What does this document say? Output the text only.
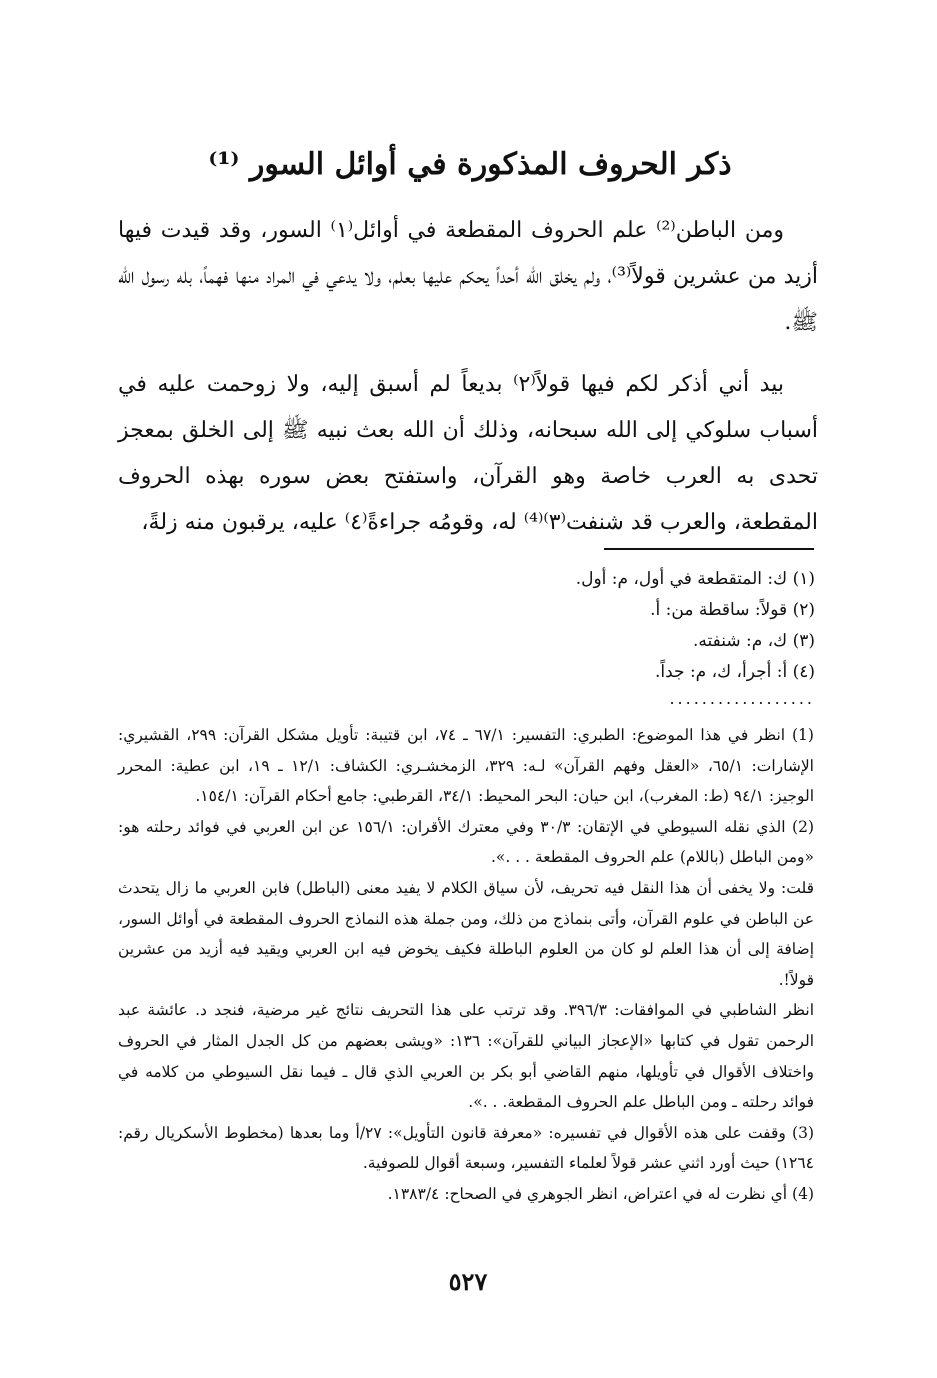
ذكر الحروف المذكورة في أوائل السور ⁽¹⁾

ومن الباطن⁽²⁾ علم الحروف المقطعة في أوائل⁽١⁾ السور، وقد قيدت فيها أزيد من عشرين قولاً⁽³⁾، ولم يخلق اللّه أحداً يحكم عليها بعلم، ولا يدعي في المراد منها فهماً، بله رسول الله ﷺ.

بيد أني أذكر لكم فيها قولاً⁽٢⁾ بديعاً لم أسبق إليه، ولا زوحمت عليه في أسباب سلوكي إلى الله سبحانه، وذلك أن الله بعث نبيه ﷺ إلى الخلق بمعجز تحدى به العرب خاصة وهو القرآن، واستفتح بعض سوره بهذه الحروف المقطعة، والعرب قد شنفت⁽٣⁾⁽⁴⁾ له، وقومُه جراءةً⁽٤⁾ عليه، يرقبون منه زلةً،

(١) ك: المتقطعة في أول، م: أول.
(٢) قولاً: ساقطة من: أ.
(٣) ك، م: شنفته.
(٤) أ: أجرأ، ك، م: جداً.
..................

(1) انظر في هذا الموضوع: الطبري: التفسير: ٦٧/١ ـ ٧٤، ابن قتيبة: تأويل مشكل القرآن: ٢٩٩، القشيري: الإشارات: ٦٥/١، «العقل وفهم القرآن» لـه: ٣٢٩، الزمخشـري: الكشاف: ١٢/١ ـ ١٩، ابن عطية: المحرر الوجيز: ٩٤/١ (ط: المغرب)، ابن حيان: البحر المحيط: ٣٤/١، القرطبي: جامع أحكام القرآن: ١٥٤/١.

(2) الذي نقله السيوطي في الإتقان: ٣٠/٣ وفي معترك الأقران: ١٥٦/١ عن ابن العربي في فوائد رحلته هو: «ومن الباطل (باللام) علم الحروف المقطعة . . .».

قلت: ولا يخفى أن هذا النقل فيه تحريف، لأن سياق الكلام لا يفيد معنى (الباطل) فابن العربي ما زال يتحدث عن الباطن في علوم القرآن، وأتى بنماذج من ذلك، ومن جملة هذه النماذج الحروف المقطعة في أوائل السور، إضافة إلى أن هذا العلم لو كان من العلوم الباطلة فكيف يخوض فيه ابن العربي ويقيد فيه أزيد من عشرين قولاً!.

انظر الشاطبي في الموافقات: ٣٩٦/٣. وقد ترتب على هذا التحريف نتائج غير مرضية، فنجد د. عائشة عبد الرحمن تقول في كتابها «الإعجاز البياني للقرآن»: ١٣٦: «ويشى بعضهم من كل الجدل المثار في الحروف واختلاف الأقوال في تأويلها، منهم القاضي أبو بكر بن العربي الذي قال ـ فيما نقل السيوطي من كلامه في فوائد رحلته ـ ومن الباطل علم الحروف المقطعة. . .».

(3) وقفت على هذه الأقوال في تفسيره: «معرفة قانون التأويل»: ٢٧/أ وما بعدها (مخطوط الأسكريال رقم: ١٢٦٤) حيث أورد اثني عشر قولاً لعلماء التفسير، وسبعة أقوال للصوفية.

(4) أي نظرت له في اعتراض، انظر الجوهري في الصحاح: ١٣٨٣/٤.

٥٢٧
